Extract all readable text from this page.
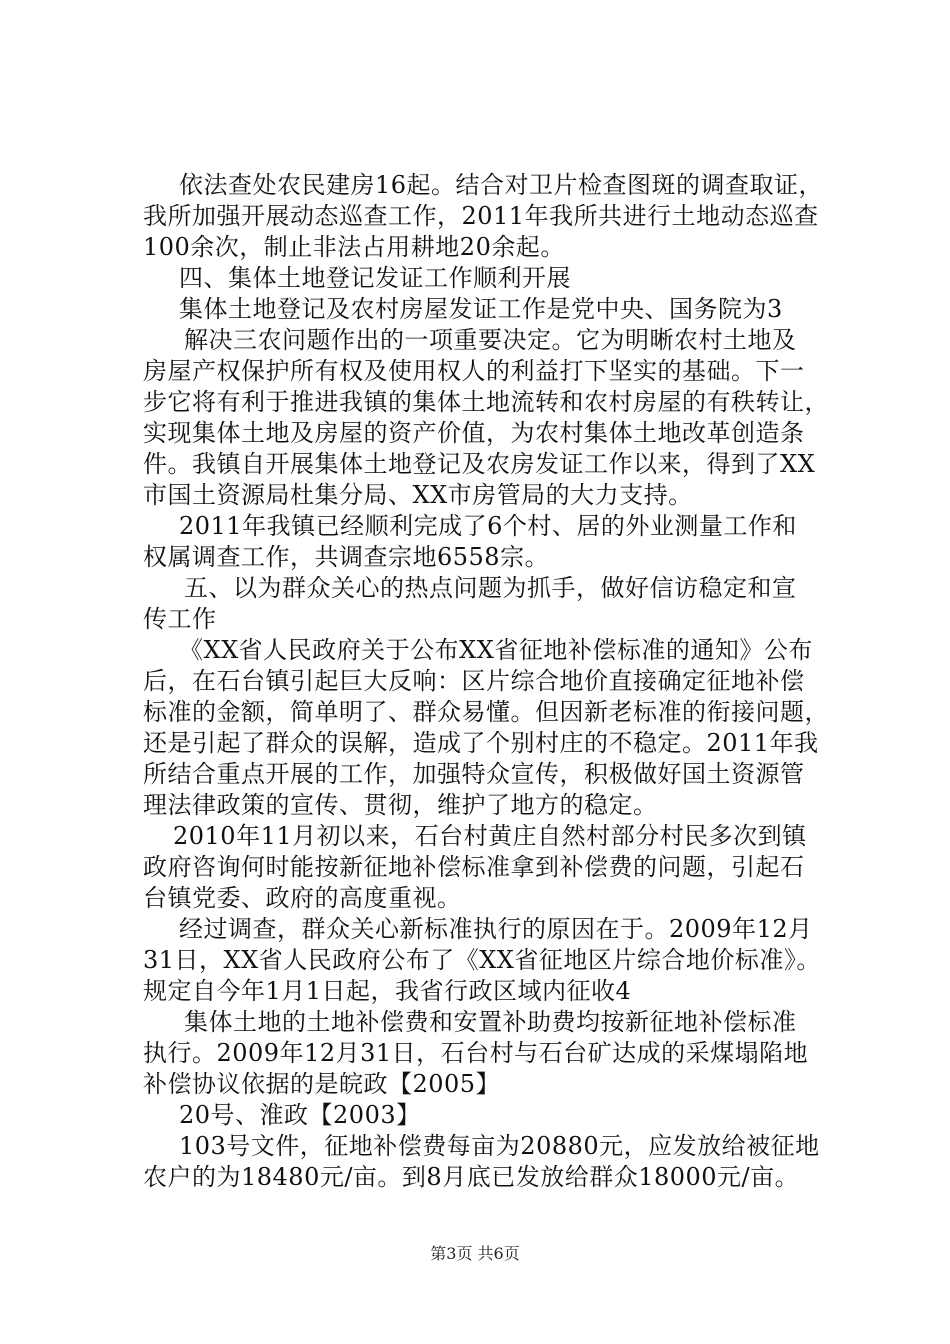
依法查处农民建房16起。结合对卫片检查图斑的调查取证，
我所加强开展动态巡查工作，2011年我所共进行土地动态巡查
100余次，制止非法占用耕地20余起。
四、集体土地登记发证工作顺利开展
集体土地登记及农村房屋发证工作是党中央、国务院为3
解决三农问题作出的一项重要决定。它为明晰农村土地及
房屋产权保护所有权及使用权人的利益打下坚实的基础。下一
步它将有利于推进我镇的集体土地流转和农村房屋的有秩转让，
实现集体土地及房屋的资产价值，为农村集体土地改革创造条
件。我镇自开展集体土地登记及农房发证工作以来，得到了XX
市国土资源局杜集分局、XX市房管局的大力支持。
2011年我镇已经顺利完成了6个村、居的外业测量工作和
权属调查工作，共调查宗地6558宗。
五、以为群众关心的热点问题为抓手，做好信访稳定和宣
传工作
《XX省人民政府关于公布XX省征地补偿标准的通知》公布
后，在石台镇引起巨大反响：区片综合地价直接确定征地补偿
标准的金额，简单明了、群众易懂。但因新老标准的衔接问题，
还是引起了群众的误解，造成了个别村庄的不稳定。2011年我
所结合重点开展的工作，加强特众宣传，积极做好国土资源管
理法律政策的宣传、贯彻，维护了地方的稳定。
2010年11月初以来，石台村黄庄自然村部分村民多次到镇
政府咨询何时能按新征地补偿标准拿到补偿费的问题，引起石
台镇党委、政府的高度重视。
经过调查，群众关心新标准执行的原因在于。2009年12月
31日，XX省人民政府公布了《XX省征地区片综合地价标准》。
规定自今年1月1日起，我省行政区域内征收4
集体土地的土地补偿费和安置补助费均按新征地补偿标准
执行。2009年12月31日，石台村与石台矿达成的采煤塌陷地
补偿协议依据的是皖政【2005】
20号、淮政【2003】
103号文件，征地补偿费每亩为20880元，应发放给被征地
农户的为18480元/亩。到8月底已发放给群众18000元/亩。
第3页 共6页
